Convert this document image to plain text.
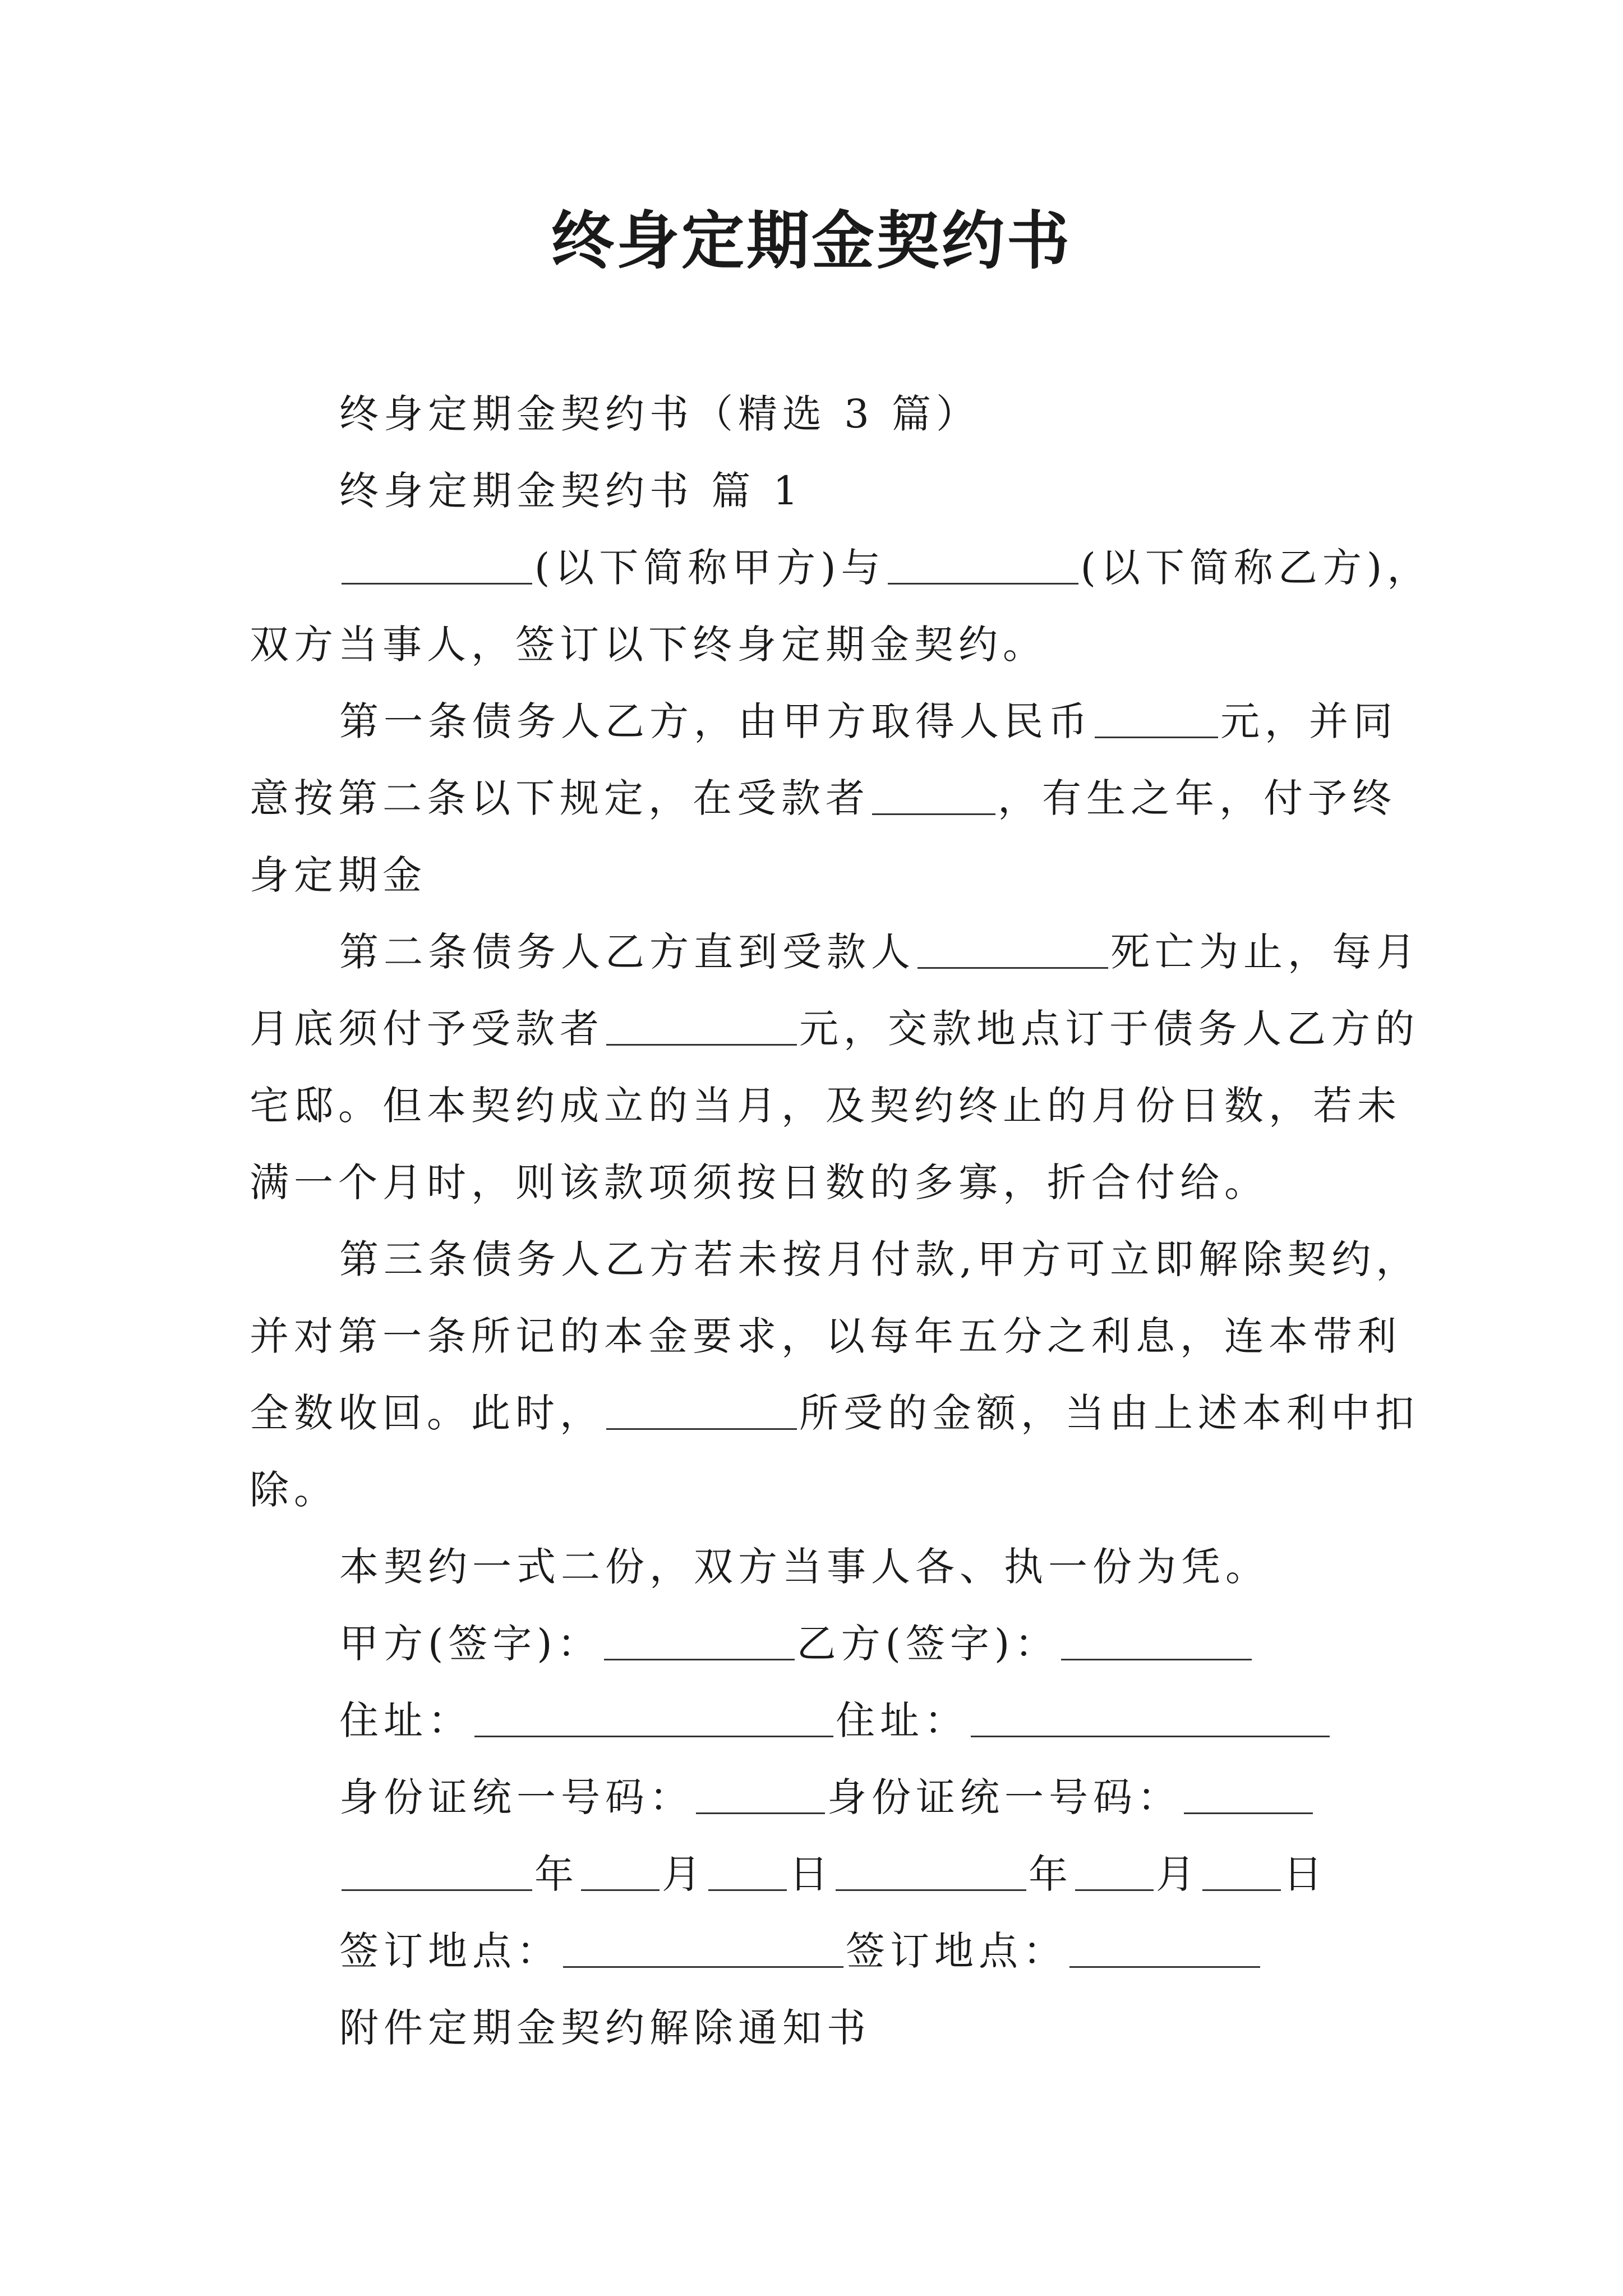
终身定期金契约书

终身定期金契约书（精选 3 篇）

终身定期金契约书 篇 1

(以下简称甲方)与	(以下简称乙方)，双方当事人，签订以下终身定期金契约。

第一条债务人乙方，由甲方取得人民币	元，并同意按第二条以下规定，在受款者	，有生之年，付予终身定期金

第二条债务人乙方直到受款人	死亡为止，每月月底须付予受款者	元，交款地点订于债务人乙方的宅邸。但本契约成立的当月，及契约终止的月份日数，若未满一个月时，则该款项须按日数的多寡，折合付给。

第三条债务人乙方若未按月付款,甲方可立即解除契约，并对第一条所记的本金要求，以每年五分之利息，连本带利全数收回。此时，	所受的金额，当由上述本利中扣除。

本契约一式二份，双方当事人各、执一份为凭。

甲方(签字)：	乙方(签字)：

住址：	住址：

身份证统一号码：	身份证统一号码：

年 月 日	年 月 日

签订地点：	签订地点：

附件定期金契约解除通知书
